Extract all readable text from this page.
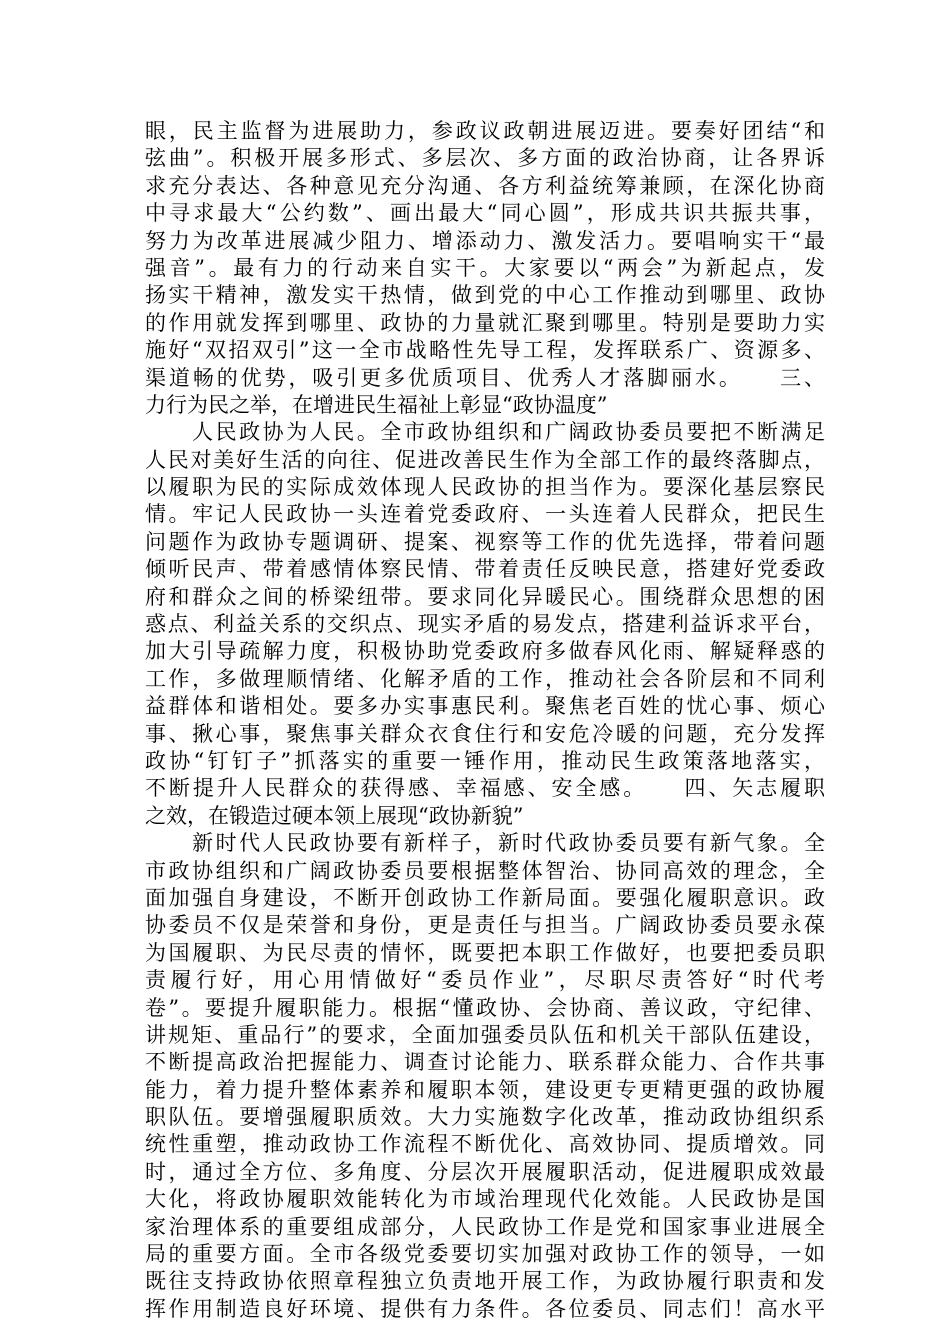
眼，民主监督为进展助力，参政议政朝进展迈进。要奏好团结“和
弦曲”。积极开展多形式、多层次、多方面的政治协商，让各界诉
求充分表达、各种意见充分沟通、各方利益统筹兼顾，在深化协商
中寻求最大“公约数”、画出最大“同心圆”，形成共识共振共事，
努力为改革进展减少阻力、增添动力、激发活力。要唱响实干“最
强音”。最有力的行动来自实干。大家要以“两会”为新起点，发
扬实干精神，激发实干热情，做到党的中心工作推动到哪里、政协
的作用就发挥到哪里、政协的力量就汇聚到哪里。特别是要助力实
施好“双招双引”这一全市战略性先导工程，发挥联系广、资源多、
渠道畅的优势，吸引更多优质项目、优秀人才落脚丽水。　　三、
力行为民之举，在增进民生福祉上彰显“政协温度”
　　人民政协为人民。全市政协组织和广阔政协委员要把不断满足
人民对美好生活的向往、促进改善民生作为全部工作的最终落脚点，
以履职为民的实际成效体现人民政协的担当作为。要深化基层察民
情。牢记人民政协一头连着党委政府、一头连着人民群众，把民生
问题作为政协专题调研、提案、视察等工作的优先选择，带着问题
倾听民声、带着感情体察民情、带着责任反映民意，搭建好党委政
府和群众之间的桥梁纽带。要求同化异暖民心。围绕群众思想的困
惑点、利益关系的交织点、现实矛盾的易发点，搭建利益诉求平台，
加大引导疏解力度，积极协助党委政府多做春风化雨、解疑释惑的
工作，多做理顺情绪、化解矛盾的工作，推动社会各阶层和不同利
益群体和谐相处。要多办实事惠民利。聚焦老百姓的忧心事、烦心
事、揪心事，聚焦事关群众衣食住行和安危冷暖的问题，充分发挥
政协“钉钉子”抓落实的重要一锤作用，推动民生政策落地落实，
不断提升人民群众的获得感、幸福感、安全感。　　四、矢志履职
之效，在锻造过硬本领上展现“政协新貌”
　　新时代人民政协要有新样子，新时代政协委员要有新气象。全
市政协组织和广阔政协委员要根据整体智治、协同高效的理念，全
面加强自身建设，不断开创政协工作新局面。要强化履职意识。政
协委员不仅是荣誉和身份，更是责任与担当。广阔政协委员要永葆
为国履职、为民尽责的情怀，既要把本职工作做好，也要把委员职
责履行好，用心用情做好“委员作业”，尽职尽责答好“时代考
卷”。要提升履职能力。根据“懂政协、会协商、善议政，守纪律、
讲规矩、重品行”的要求，全面加强委员队伍和机关干部队伍建设，
不断提高政治把握能力、调查讨论能力、联系群众能力、合作共事
能力，着力提升整体素养和履职本领，建设更专更精更强的政协履
职队伍。要增强履职质效。大力实施数字化改革，推动政协组织系
统性重塑，推动政协工作流程不断优化、高效协同、提质增效。同
时，通过全方位、多角度、分层次开展履职活动，促进履职成效最
大化，将政协履职效能转化为市域治理现代化效能。人民政协是国
家治理体系的重要组成部分，人民政协工作是党和国家事业进展全
局的重要方面。全市各级党委要切实加强对政协工作的领导，一如
既往支持政协依照章程独立负责地开展工作，为政协履行职责和发
挥作用制造良好环境、提供有力条件。各位委员、同志们！高水平
